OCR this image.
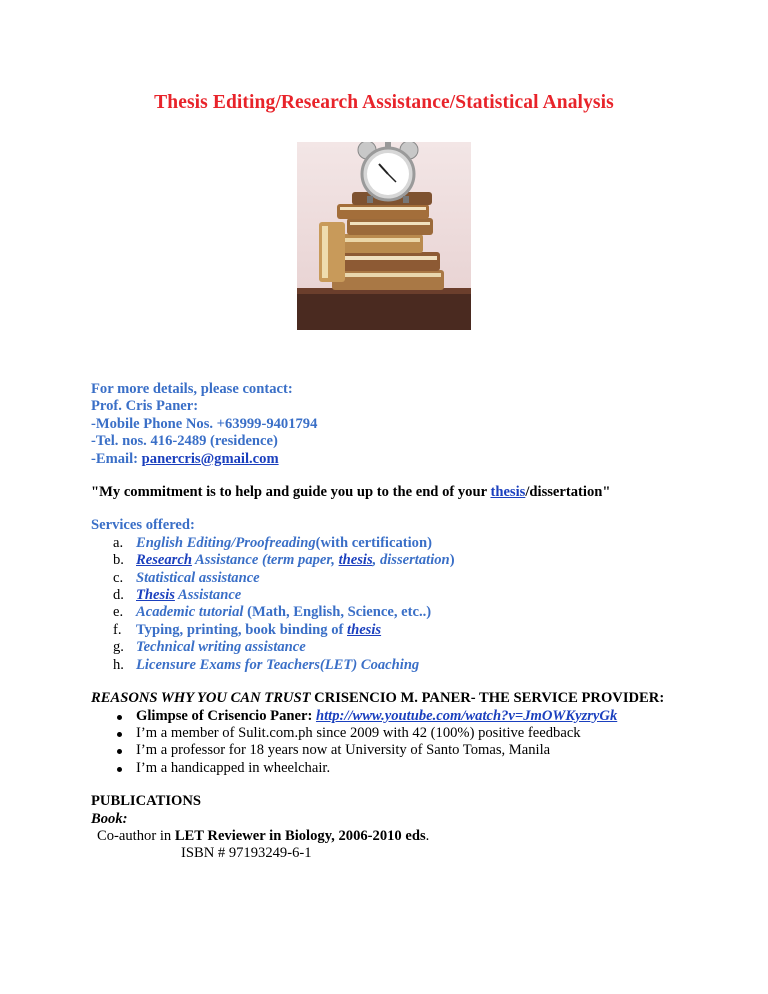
Thesis Editing/Research Assistance/Statistical Analysis
For more details, please contact:
Prof. Cris Paner:
-Mobile Phone Nos. +63999-9401794
-Tel. nos. 416-2489 (residence)
-Email: panercris@gmail.com
"My commitment is to help and guide you up to the end of your thesis/dissertation"
Services offered:
a. English Editing/Proofreading(with certification)
b. Research Assistance (term paper, thesis, dissertation)
c. Statistical assistance
d. Thesis Assistance
e. Academic tutorial (Math, English, Science, etc..)
f. Typing, printing, book binding of thesis
g. Technical writing assistance
h. Licensure Exams for Teachers(LET) Coaching
REASONS WHY YOU CAN TRUST CRISENCIO M. PANER- THE SERVICE PROVIDER:
Glimpse of Crisencio Paner: http://www.youtube.com/watch?v=JmOWKyzryGk
I’m a member of Sulit.com.ph since 2009 with 42 (100%) positive feedback
I’m a professor for 18 years now at University of Santo Tomas, Manila
I’m a handicapped in wheelchair.
PUBLICATIONS
Book:
Co-author in LET Reviewer in Biology, 2006-2010 eds.
ISBN # 97193249-6-1
